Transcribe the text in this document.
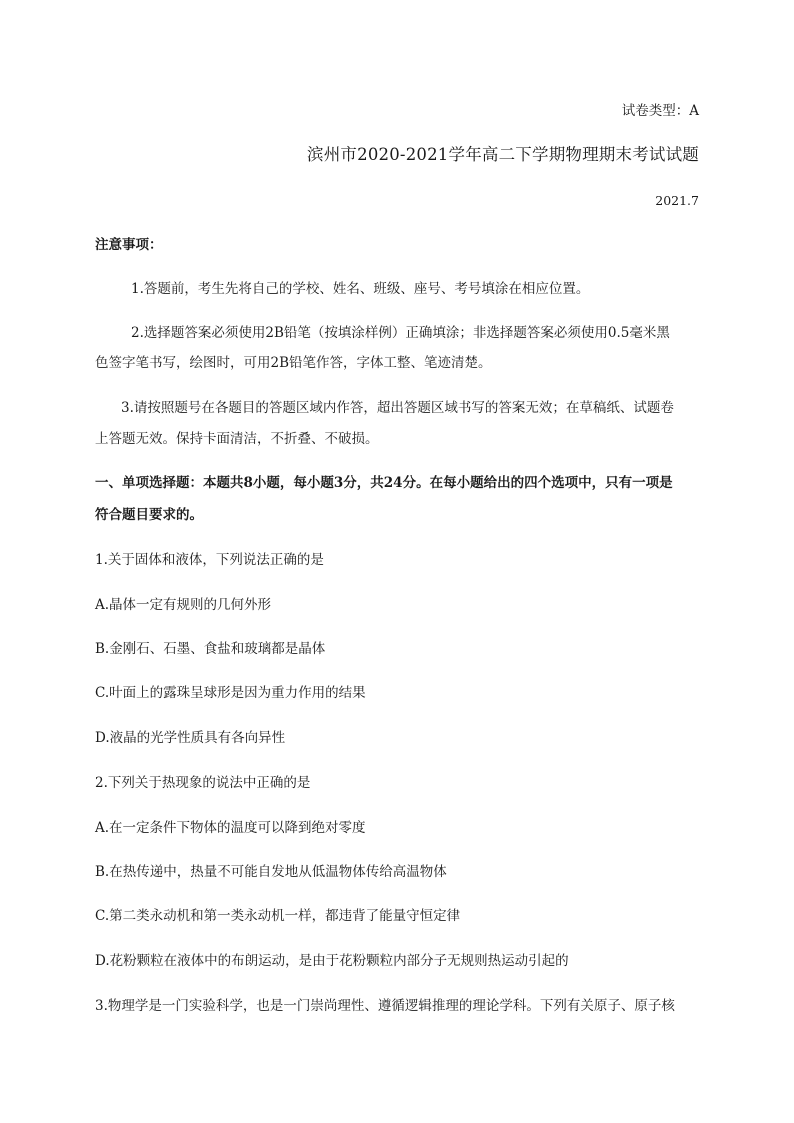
试卷类型：A
滨州市2020-2021学年高二下学期物理期末考试试题
2021.7
注意事项：
1.答题前，考生先将自己的学校、姓名、班级、座号、考号填涂在相应位置。
2.选择题答案必须使用2B铅笔（按填涂样例）正确填涂；非选择题答案必须使用0.5毫米黑
色签字笔书写，绘图时，可用2B铅笔作答，字体工整、笔迹清楚。
3.请按照题号在各题目的答题区域内作答，超出答题区域书写的答案无效；在草稿纸、试题卷
上答题无效。保持卡面清洁，不折叠、不破损。
一、单项选择题：本题共8小题，每小题3分，共24分。在每小题给出的四个选项中，只有一项是
符合题目要求的。
1.关于固体和液体，下列说法正确的是
A.晶体一定有规则的几何外形
B.金刚石、石墨、食盐和玻璃都是晶体
C.叶面上的露珠呈球形是因为重力作用的结果
D.液晶的光学性质具有各向异性
2.下列关于热现象的说法中正确的是
A.在一定条件下物体的温度可以降到绝对零度
B.在热传递中，热量不可能自发地从低温物体传给高温物体
C.第二类永动机和第一类永动机一样，都违背了能量守恒定律
D.花粉颗粒在液体中的布朗运动，是由于花粉颗粒内部分子无规则热运动引起的
3.物理学是一门实验科学，也是一门崇尚理性、遵循逻辑推理的理论学科。下列有关原子、原子核
